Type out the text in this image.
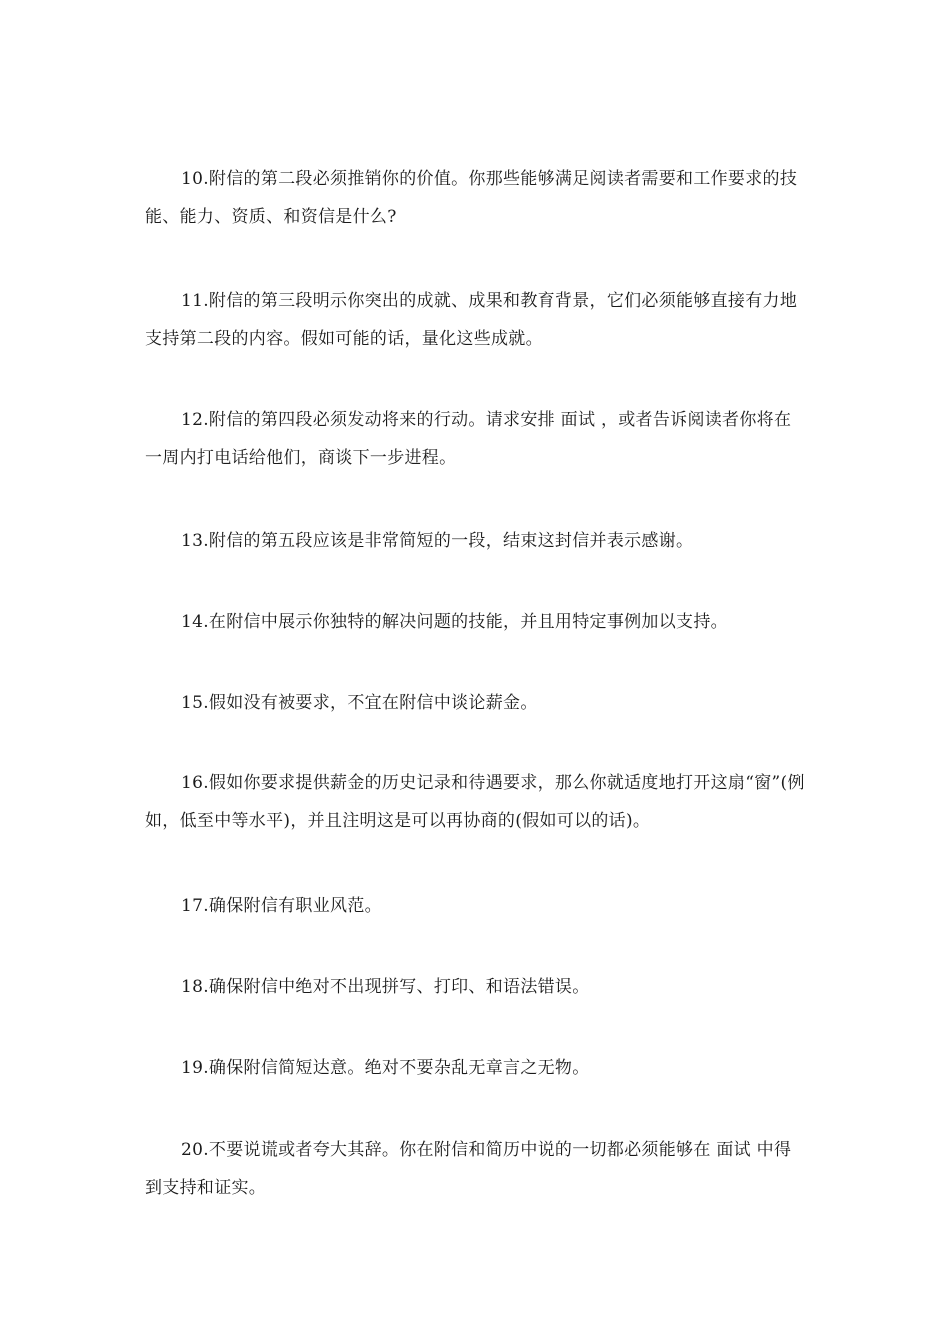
10.附信的第二段必须推销你的价值。你那些能够满足阅读者需要和工作要求的技能、能力、资质、和资信是什么?

11.附信的第三段明示你突出的成就、成果和教育背景，它们必须能够直接有力地支持第二段的内容。假如可能的话，量化这些成就。

12.附信的第四段必须发动将来的行动。请求安排 面试 ，或者告诉阅读者你将在一周内打电话给他们，商谈下一步进程。

13.附信的第五段应该是非常简短的一段，结束这封信并表示感谢。

14.在附信中展示你独特的解决问题的技能，并且用特定事例加以支持。

15.假如没有被要求，不宜在附信中谈论薪金。

16.假如你要求提供薪金的历史记录和待遇要求，那么你就适度地打开这扇“窗”(例如，低至中等水平)，并且注明这是可以再协商的(假如可以的话)。

17.确保附信有职业风范。

18.确保附信中绝对不出现拼写、打印、和语法错误。

19.确保附信简短达意。绝对不要杂乱无章言之无物。

20.不要说谎或者夸大其辞。你在附信和简历中说的一切都必须能够在 面试 中得到支持和证实。
